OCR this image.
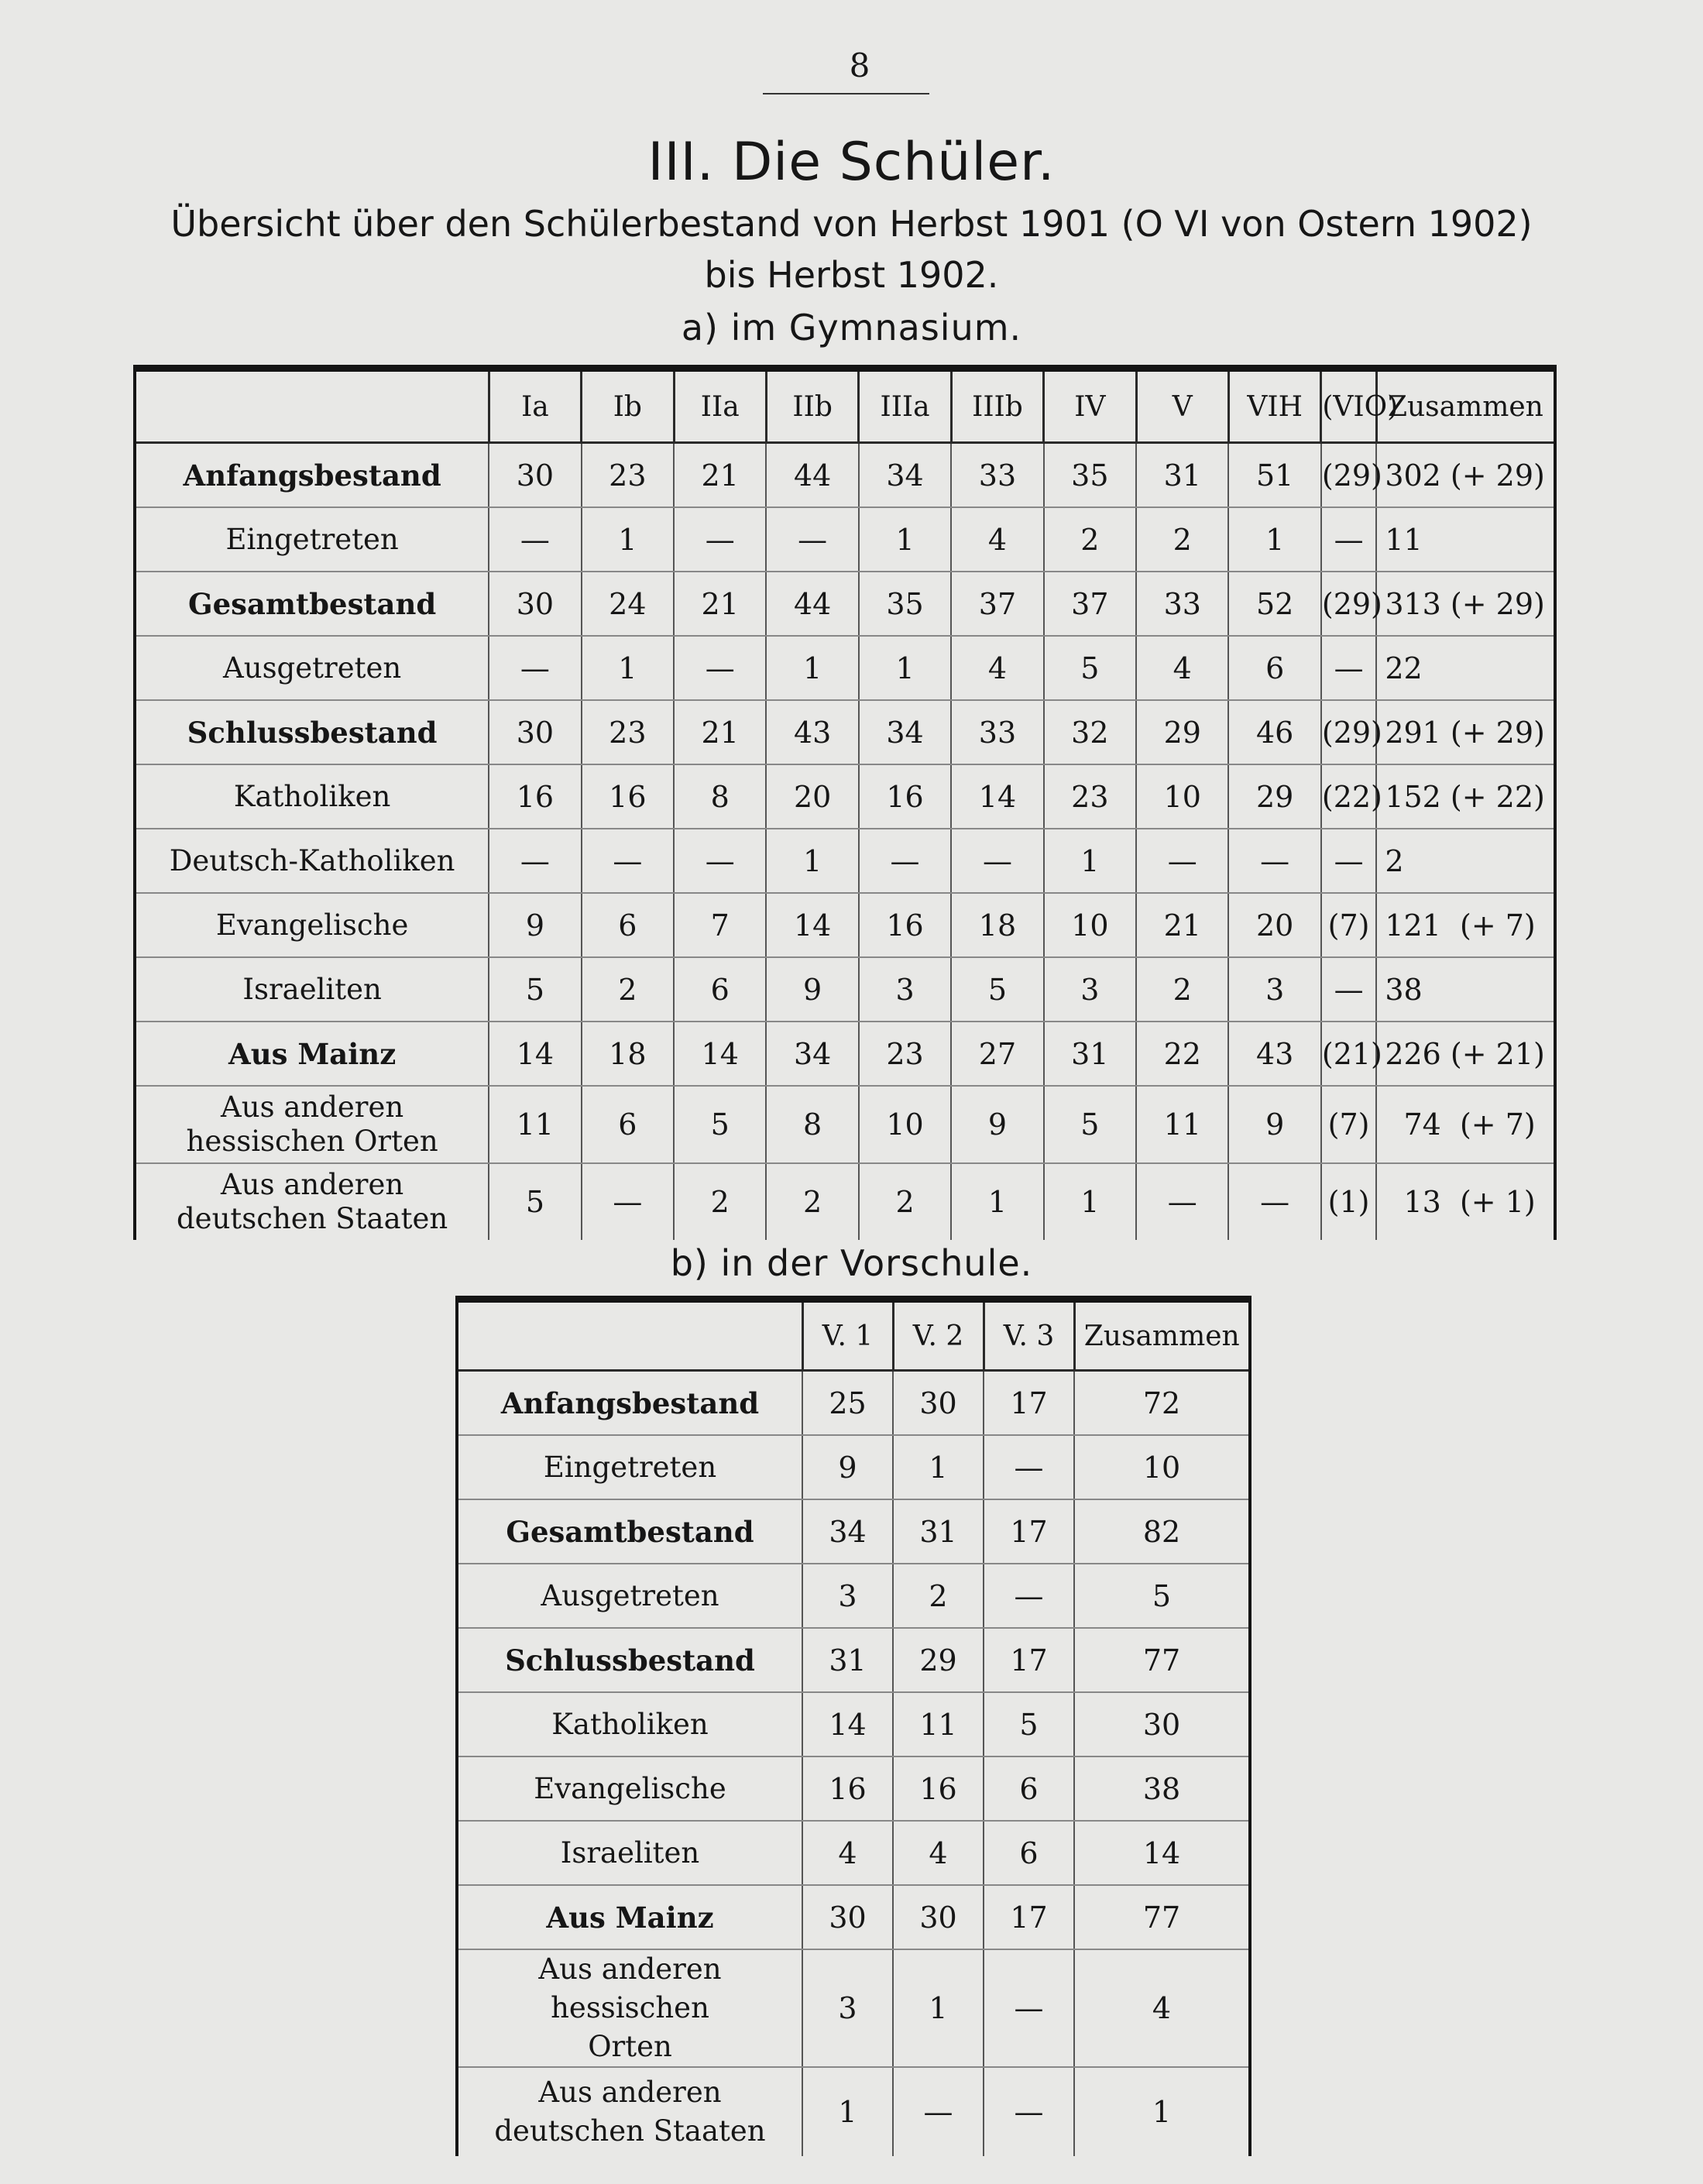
8
III. Die Schüler.
Übersicht über den Schülerbestand von Herbst 1901 (O VI von Ostern 1902)
bis Herbst 1902.
a) im Gymnasium.
	Ia	Ib	IIa	IIb	IIIa	IIIb	IV	V	VIH	(VIO)	Zusammen
Anfangsbestand	30	23	21	44	34	33	35	31	51	(29)	302 (+ 29)
Eingetreten	—	1	—	—	1	4	2	2	1	—	11
Gesamtbestand	30	24	21	44	35	37	37	33	52	(29)	313 (+ 29)
Ausgetreten	—	1	—	1	1	4	5	4	6	—	22
Schlussbestand	30	23	21	43	34	33	32	29	46	(29)	291 (+ 29)
Katholiken	16	16	8	20	16	14	23	10	29	(22)	152 (+ 22)
Deutsch-Katholiken	—	—	—	1	—	—	1	—	—	—	2
Evangelische	9	6	7	14	16	18	10	21	20	(7)	121  (+ 7)
Israeliten	5	2	6	9	3	5	3	2	3	—	38
Aus Mainz	14	18	14	34	23	27	31	22	43	(21)	226 (+ 21)
Aus anderen
hessischen Orten	11	6	5	8	10	9	5	11	9	(7)	74  (+ 7)
Aus anderen
deutschen Staaten	5	—	2	2	2	1	1	—	—	(1)	13  (+ 1)
b) in der Vorschule.
	V. 1	V. 2	V. 3	Zusammen
Anfangsbestand	25	30	17	72
Eingetreten	9	1	—	10
Gesamtbestand	34	31	17	82
Ausgetreten	3	2	—	5
Schlussbestand	31	29	17	77
Katholiken	14	11	5	30
Evangelische	16	16	6	38
Israeliten	4	4	6	14
Aus Mainz	30	30	17	77
Aus anderen hessischen
Orten	3	1	—	4
Aus anderen
deutschen Staaten	1	—	—	1
